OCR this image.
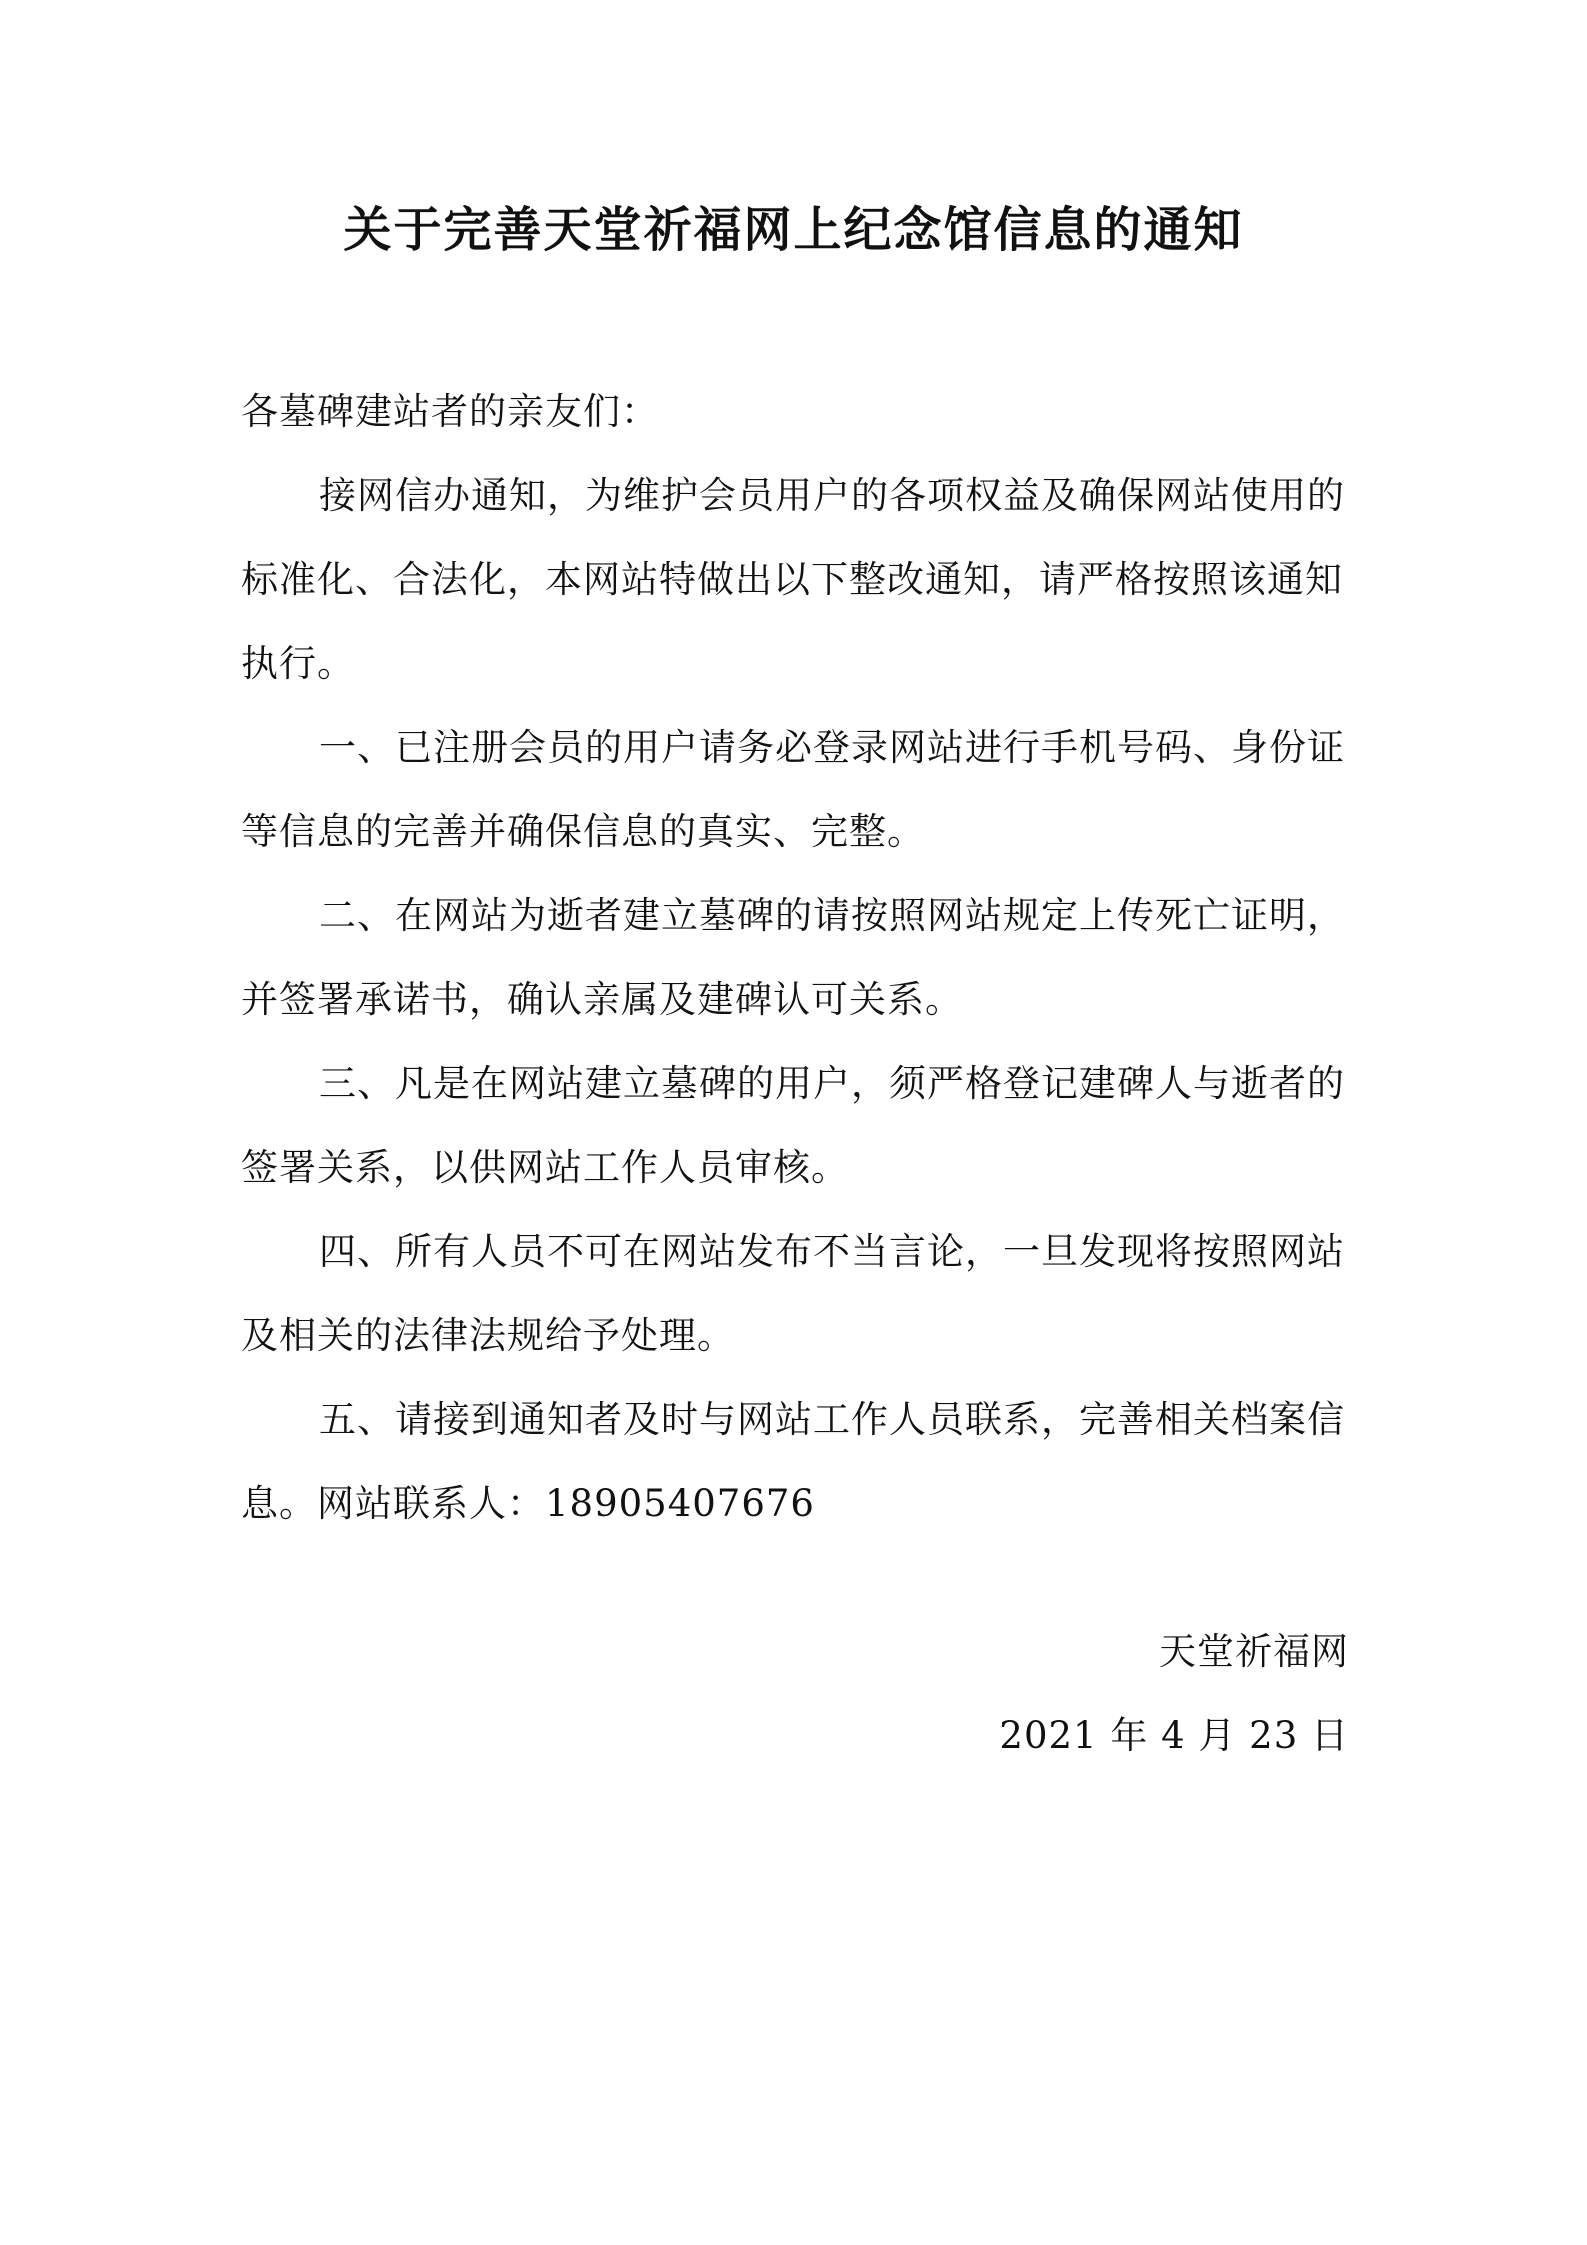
关于完善天堂祈福网上纪念馆信息的通知

各墓碑建站者的亲友们：

接网信办通知，为维护会员用户的各项权益及确保网站使用的标准化、合法化，本网站特做出以下整改通知，请严格按照该通知执行。

一、已注册会员的用户请务必登录网站进行手机号码、身份证等信息的完善并确保信息的真实、完整。

二、在网站为逝者建立墓碑的请按照网站规定上传死亡证明，并签署承诺书，确认亲属及建碑认可关系。

三、凡是在网站建立墓碑的用户，须严格登记建碑人与逝者的签署关系，以供网站工作人员审核。

四、所有人员不可在网站发布不当言论，一旦发现将按照网站及相关的法律法规给予处理。

五、请接到通知者及时与网站工作人员联系，完善相关档案信息。网站联系人：18905407676

天堂祈福网
2021 年 4 月 23 日
